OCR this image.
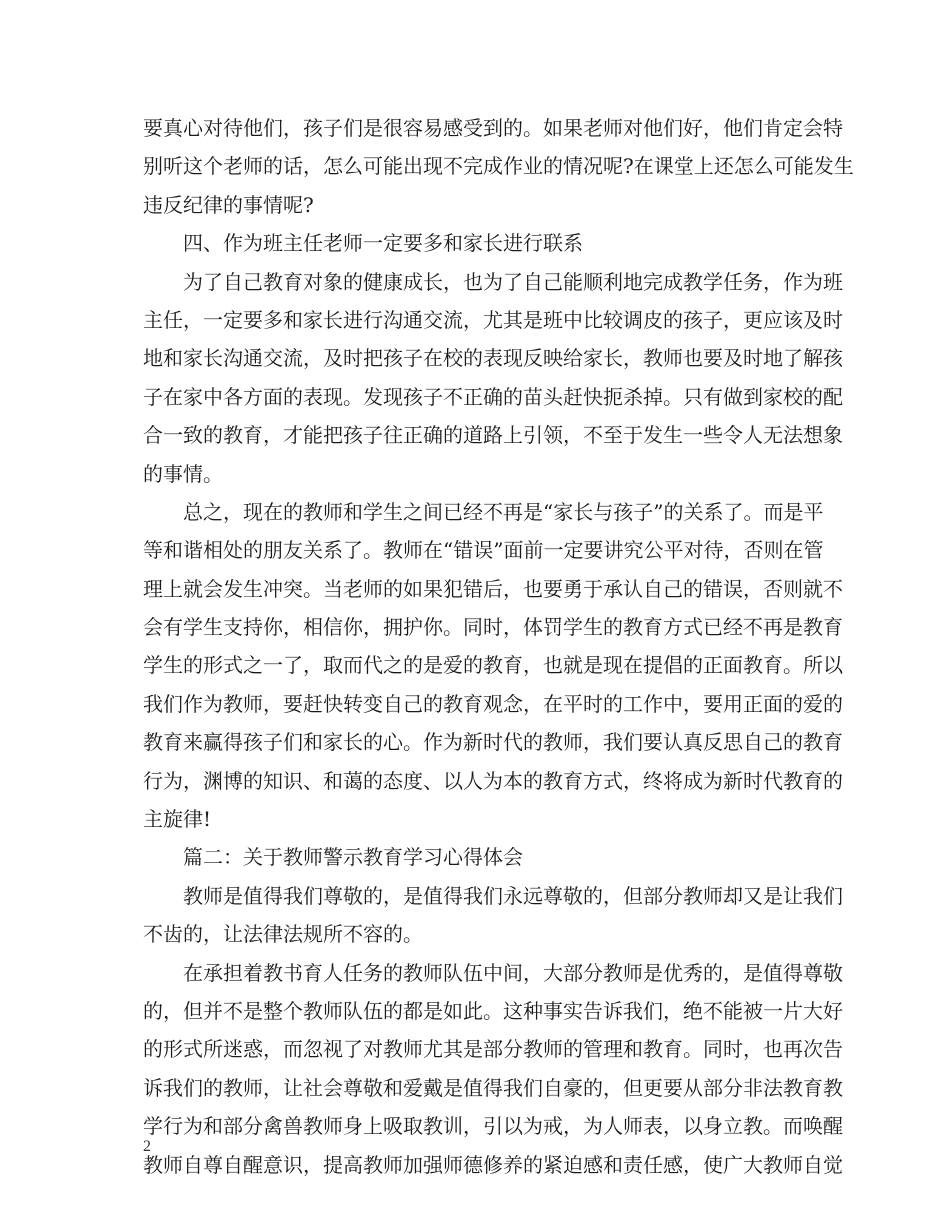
要真心对待他们，孩子们是很容易感受到的。如果老师对他们好，他们肯定会特
别听这个老师的话，怎么可能出现不完成作业的情况呢?在课堂上还怎么可能发生
违反纪律的事情呢?
四、作为班主任老师一定要多和家长进行联系
为了自己教育对象的健康成长，也为了自己能顺利地完成教学任务，作为班
主任，一定要多和家长进行沟通交流，尤其是班中比较调皮的孩子，更应该及时
地和家长沟通交流，及时把孩子在校的表现反映给家长，教师也要及时地了解孩
子在家中各方面的表现。发现孩子不正确的苗头赶快扼杀掉。只有做到家校的配
合一致的教育，才能把孩子往正确的道路上引领，不至于发生一些令人无法想象
的事情。
总之，现在的教师和学生之间已经不再是“家长与孩子”的关系了。而是平
等和谐相处的朋友关系了。教师在“错误”面前一定要讲究公平对待，否则在管
理上就会发生冲突。当老师的如果犯错后，也要勇于承认自己的错误，否则就不
会有学生支持你，相信你，拥护你。同时，体罚学生的教育方式已经不再是教育
学生的形式之一了，取而代之的是爱的教育，也就是现在提倡的正面教育。所以
我们作为教师，要赶快转变自己的教育观念，在平时的工作中，要用正面的爱的
教育来赢得孩子们和家长的心。作为新时代的教师，我们要认真反思自己的教育
行为，渊博的知识、和蔼的态度、以人为本的教育方式，终将成为新时代教育的
主旋律!
篇二：关于教师警示教育学习心得体会
教师是值得我们尊敬的，是值得我们永远尊敬的，但部分教师却又是让我们
不齿的，让法律法规所不容的。
在承担着教书育人任务的教师队伍中间，大部分教师是优秀的，是值得尊敬
的，但并不是整个教师队伍的都是如此。这种事实告诉我们，绝不能被一片大好
的形式所迷惑，而忽视了对教师尤其是部分教师的管理和教育。同时，也再次告
诉我们的教师，让社会尊敬和爱戴是值得我们自豪的，但更要从部分非法教育教
学行为和部分禽兽教师身上吸取教训，引以为戒，为人师表，以身立教。而唤醒
教师自尊自醒意识，提高教师加强师德修养的紧迫感和责任感，使广大教师自觉
2
